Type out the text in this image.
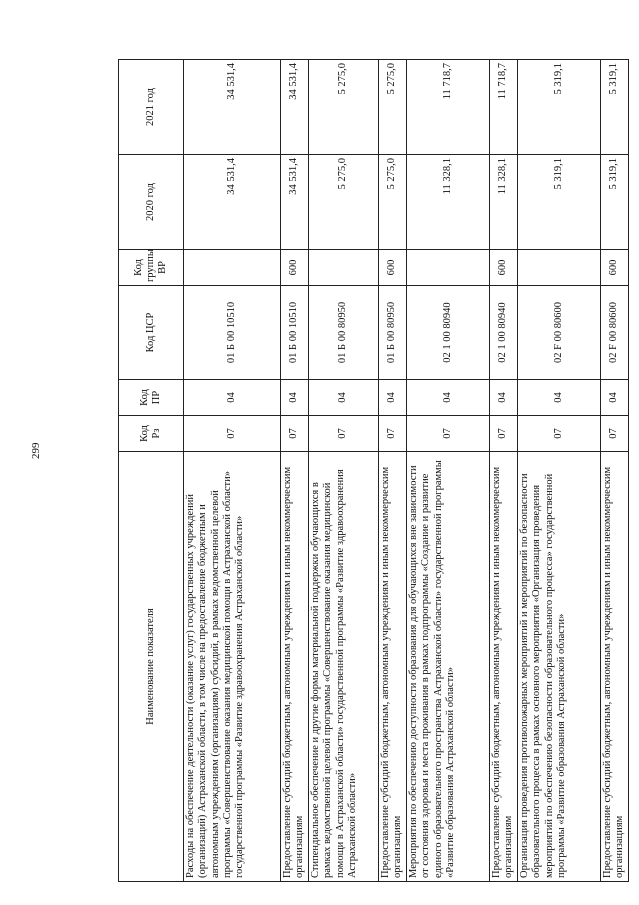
299
Наименование показателя	Код Рз	Код ПР	Код ЦСР	Код группы ВР	2020 год	2021 год
Расходы на обеспечение деятельности (оказание услуг) государственных учреждений (организаций) Астраханской области, в том числе на предоставление бюджетным и автономным учреждениям (организациям) субсидий, в рамках ведомственной целевой программы «Совершенствование оказания медицинской помощи в Астраханской области» государственной программы «Развитие здравоохранения Астраханской области»	07	04	01 Б 00 10510		34 531,4	34 531,4
Предоставление субсидий бюджетным, автономным учреждениям и иным некоммерческим организациям	07	04	01 Б 00 10510	600	34 531,4	34 531,4
Стипендиальное обеспечение и другие формы материальной поддержки обучающихся в рамках ведомственной целевой программы «Совершенствование оказания медицинской помощи в Астраханской области» государственной программы «Развитие здравоохранения Астраханской области»	07	04	01 Б 00 80950		5 275,0	5 275,0
Предоставление субсидий бюджетным, автономным учреждениям и иным некоммерческим организациям	07	04	01 Б 00 80950	600	5 275,0	5 275,0
Мероприятия по обеспечению доступности образования для обучающихся вне зависимости от состояния здоровья и места проживания в рамках подпрограммы «Создание и развитие единого образовательного пространства Астраханской области» государственной программы «Развитие образования Астраханской области»	07	04	02 1 00 80940		11 328,1	11 718,7
Предоставление субсидий бюджетным, автономным учреждениям и иным некоммерческим организациям	07	04	02 1 00 80940	600	11 328,1	11 718,7
Организация проведения противопожарных мероприятий и мероприятий по безопасности образовательного процесса в рамках основного мероприятия «Организация проведения мероприятий по обеспечению безопасности образовательного процесса» государственной программы «Развитие образования Астраханской области»	07	04	02 F 00 80600		5 319,1	5 319,1
Предоставление субсидий бюджетным, автономным учреждениям и иным некоммерческим организациям	07	04	02 F 00 80600	600	5 319,1	5 319,1
